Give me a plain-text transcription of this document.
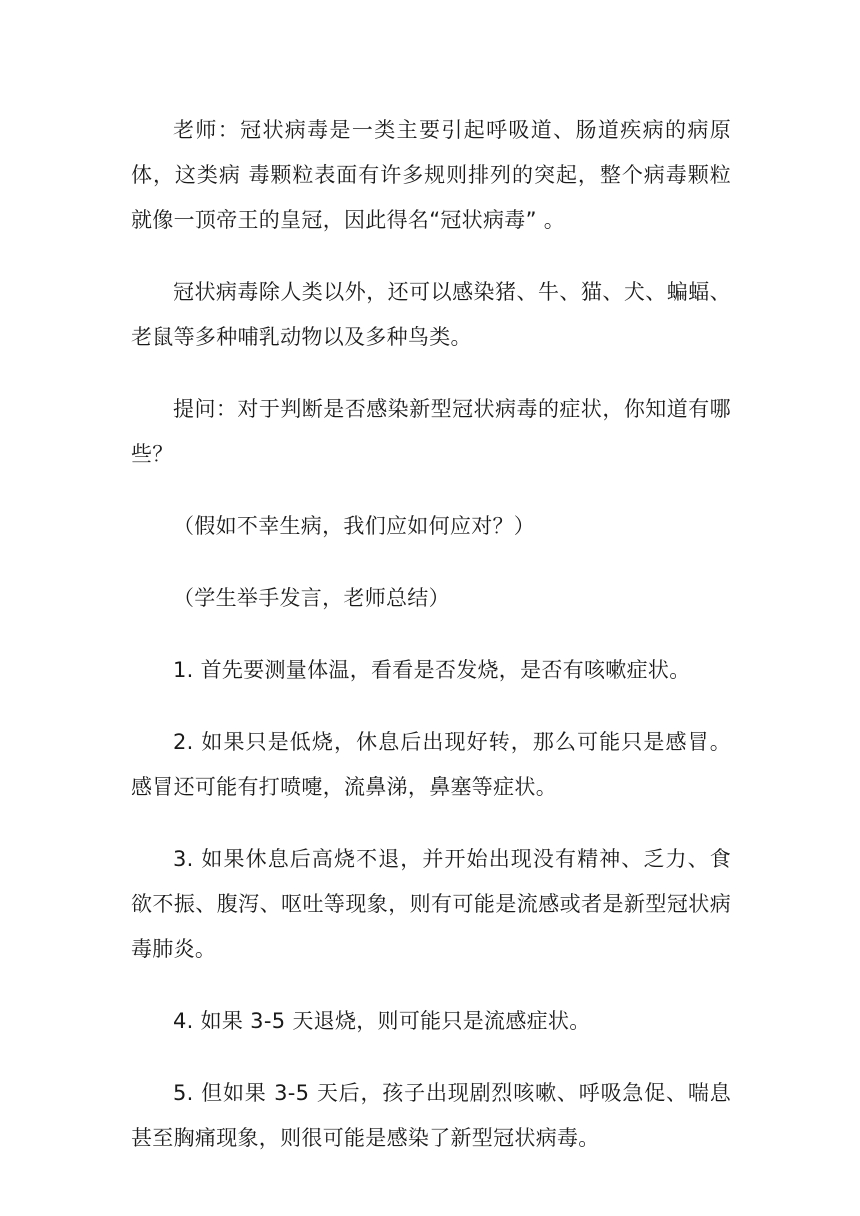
老师：冠状病毒是一类主要引起呼吸道、肠道疾病的病原体，这类病 毒颗粒表面有许多规则排列的突起，整个病毒颗粒就像一顶帝王的皇冠，因此得名“冠状病毒” 。

冠状病毒除人类以外，还可以感染猪、牛、猫、犬、蝙蝠、老鼠等多种哺乳动物以及多种鸟类。

提问：对于判断是否感染新型冠状病毒的症状，你知道有哪些？

（假如不幸生病，我们应如何应对？）

（学生举手发言，老师总结）

1. 首先要测量体温，看看是否发烧，是否有咳嗽症状。

2. 如果只是低烧，休息后出现好转，那么可能只是感冒。感冒还可能有打喷嚏，流鼻涕，鼻塞等症状。

3. 如果休息后高烧不退，并开始出现没有精神、乏力、食欲不振、腹泻、呕吐等现象，则有可能是流感或者是新型冠状病毒肺炎。

4. 如果 3-5 天退烧，则可能只是流感症状。

5. 但如果 3-5 天后，孩子出现剧烈咳嗽、呼吸急促、喘息甚至胸痛现象，则很可能是感染了新型冠状病毒。
